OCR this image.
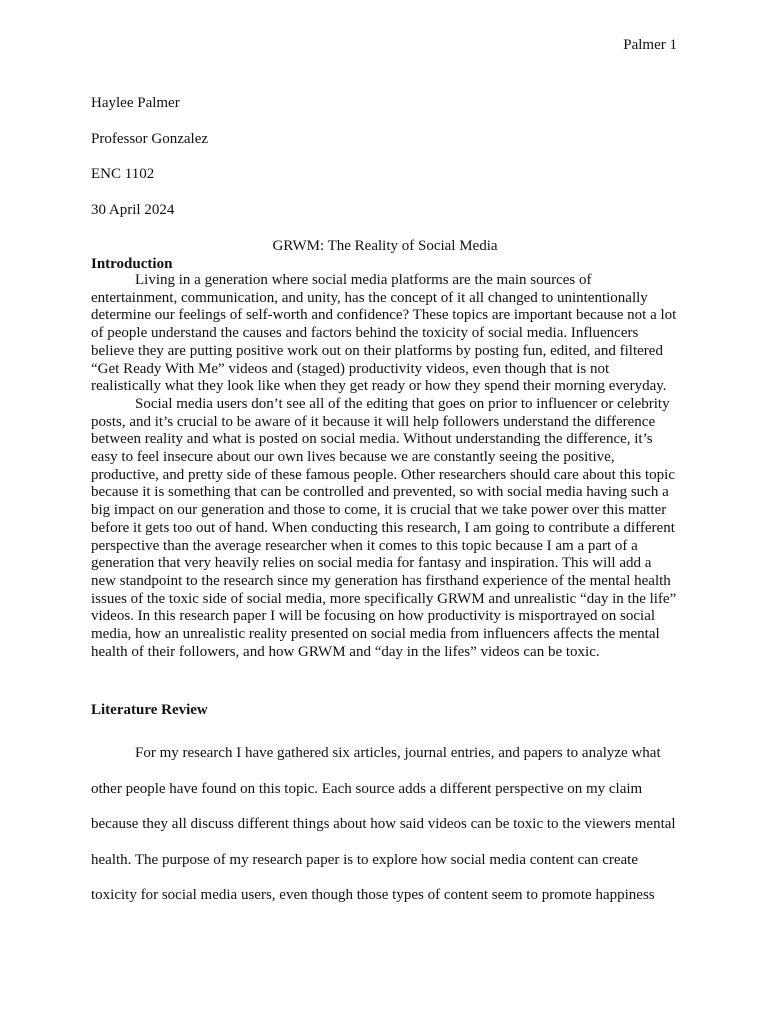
Palmer 1
Haylee Palmer
Professor Gonzalez
ENC 1102
30 April 2024
GRWM: The Reality of Social Media
Introduction

Living in a generation where social media platforms are the main sources of entertainment, communication, and unity, has the concept of it all changed to unintentionally determine our feelings of self-worth and confidence? These topics are important because not a lot of people understand the causes and factors behind the toxicity of social media. Influencers believe they are putting positive work out on their platforms by posting fun, edited, and filtered “Get Ready With Me” videos and (staged) productivity videos, even though that is not realistically what they look like when they get ready or how they spend their morning everyday.

Social media users don’t see all of the editing that goes on prior to influencer or celebrity posts, and it’s crucial to be aware of it because it will help followers understand the difference between reality and what is posted on social media. Without understanding the difference, it’s easy to feel insecure about our own lives because we are constantly seeing the positive, productive, and pretty side of these famous people. Other researchers should care about this topic because it is something that can be controlled and prevented, so with social media having such a big impact on our generation and those to come, it is crucial that we take power over this matter before it gets too out of hand. When conducting this research, I am going to contribute a different perspective than the average researcher when it comes to this topic because I am a part of a generation that very heavily relies on social media for fantasy and inspiration. This will add a new standpoint to the research since my generation has firsthand experience of the mental health issues of the toxic side of social media, more specifically GRWM and unrealistic “day in the life” videos. In this research paper I will be focusing on how productivity is misportrayed on social media, how an unrealistic reality presented on social media from influencers affects the mental health of their followers, and how GRWM and “day in the lifes” videos can be toxic.

Literature Review

For my research I have gathered six articles, journal entries, and papers to analyze what other people have found on this topic. Each source adds a different perspective on my claim because they all discuss different things about how said videos can be toxic to the viewers mental health. The purpose of my research paper is to explore how social media content can create toxicity for social media users, even though those types of content seem to promote happiness
